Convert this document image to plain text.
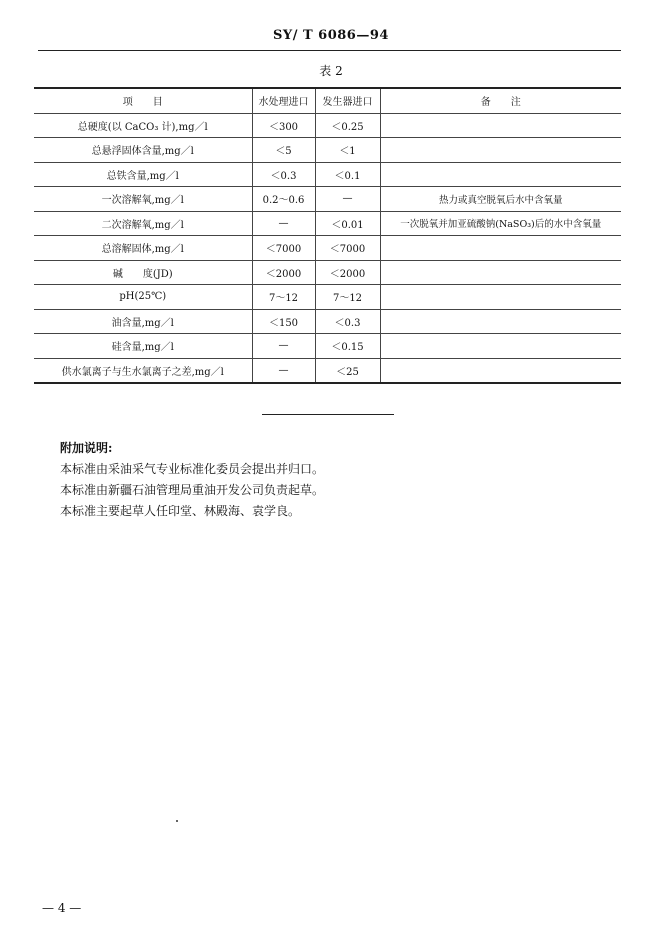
SY/ T 6086—94
表 2
项　　目	水处理进口	发生器进口	备　　注
总硬度(以 CaCO₃ 计),mg／l	＜300	＜0.25	
总悬浮固体含量,mg／l	＜5	＜1	
总铁含量,mg／l	＜0.3	＜0.1	
一次溶解氧,mg／l	0.2～0.6	—	热力或真空脱氧后水中含氧量
二次溶解氧,mg／l	—	＜0.01	一次脱氧并加亚硫酸钠(NaSO₃)后的水中含氧量
总溶解固体,mg／l	＜7000	＜7000	
碱　　度(JD)	＜2000	＜2000	
pH(25℃)	7～12	7～12	
油含量,mg／l	＜150	＜0.3	
硅含量,mg／l	—	＜0.15	
供水氯离子与生水氯离子之差,mg／l	—	＜25	
附加说明:
本标准由采油采气专业标准化委员会提出并归口。
本标准由新疆石油管理局重油开发公司负责起草。
本标准主要起草人任印堂、林殿海、袁学良。
— 4 —
